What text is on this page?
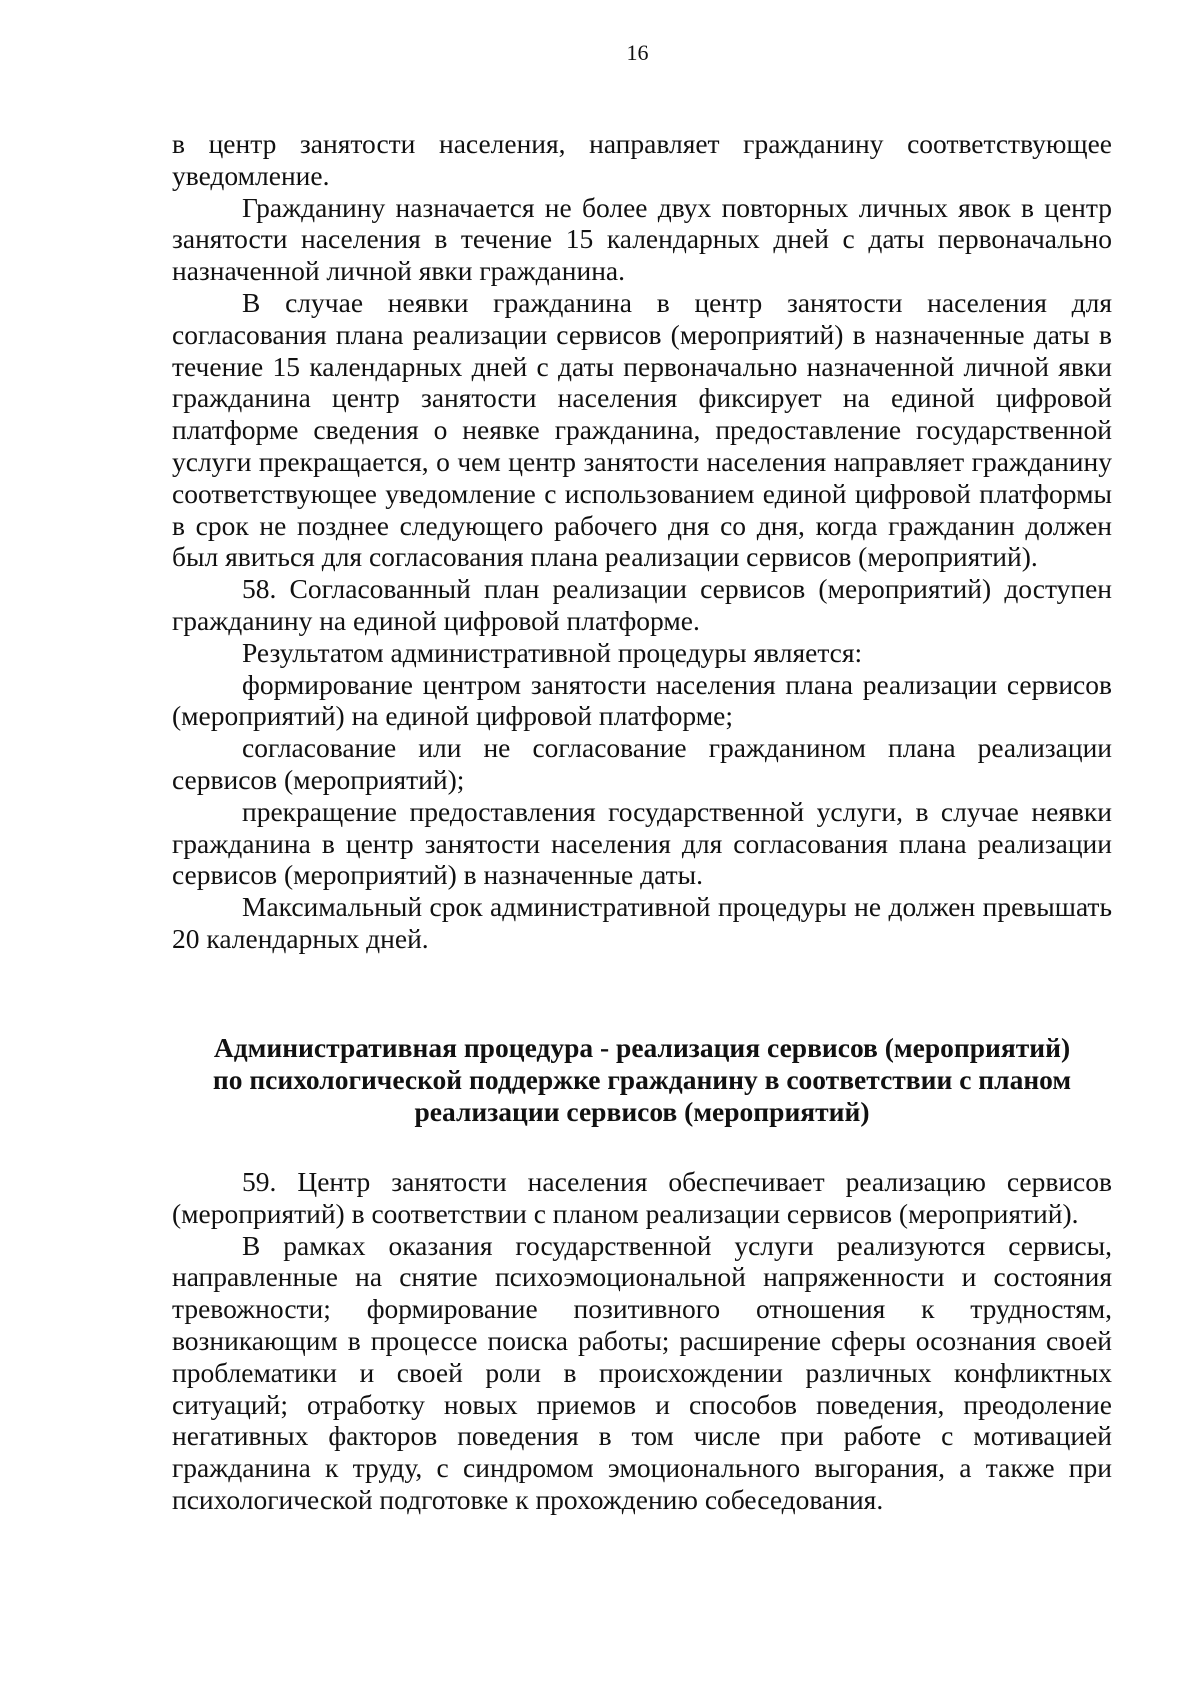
16

в центр занятости населения, направляет гражданину соответствующее уведомление.

Гражданину назначается не более двух повторных личных явок в центр занятости населения в течение 15 календарных дней с даты первоначально назначенной личной явки гражданина.

В случае неявки гражданина в центр занятости населения для согласования плана реализации сервисов (мероприятий) в назначенные даты в течение 15 календарных дней с даты первоначально назначенной личной явки гражданина центр занятости населения фиксирует на единой цифровой платформе сведения о неявке гражданина, предоставление государственной услуги прекращается, о чем центр занятости населения направляет гражданину соответствующее уведомление с использованием единой цифровой платформы в срок не позднее следующего рабочего дня со дня, когда гражданин должен был явиться для согласования плана реализации сервисов (мероприятий).

58. Согласованный план реализации сервисов (мероприятий) доступен гражданину на единой цифровой платформе.

Результатом административной процедуры является:

формирование центром занятости населения плана реализации сервисов (мероприятий) на единой цифровой платформе;

согласование или не согласование гражданином плана реализации сервисов (мероприятий);

прекращение предоставления государственной услуги, в случае неявки гражданина в центр занятости населения для согласования плана реализации сервисов (мероприятий) в назначенные даты.

Максимальный срок административной процедуры не должен превышать 20 календарных дней.

Административная процедура - реализация сервисов (мероприятий)
по психологической поддержке гражданину в соответствии с планом
реализации сервисов (мероприятий)

59. Центр занятости населения обеспечивает реализацию сервисов (мероприятий) в соответствии с планом реализации сервисов (мероприятий).

В рамках оказания государственной услуги реализуются сервисы, направленные на снятие психоэмоциональной напряженности и состояния тревожности; формирование позитивного отношения к трудностям, возникающим в процессе поиска работы; расширение сферы осознания своей проблематики и своей роли в происхождении различных конфликтных ситуаций; отработку новых приемов и способов поведения, преодоление негативных факторов поведения в том числе при работе с мотивацией гражданина к труду, с синдромом эмоционального выгорания, а также при психологической подготовке к прохождению собеседования.
